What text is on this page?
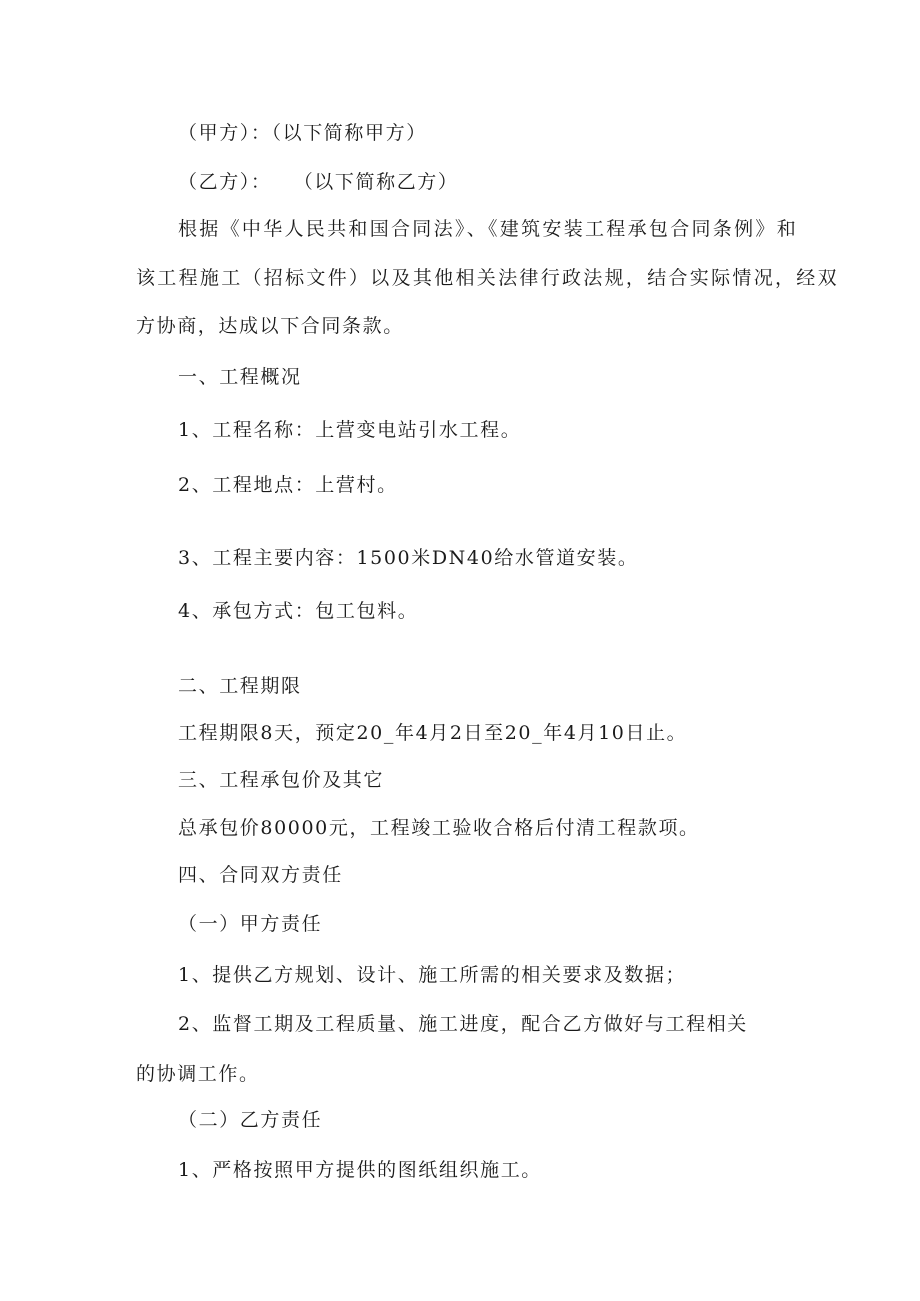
（甲方）：（以下简称甲方）
（乙方）：　　（以下简称乙方）
根据《中华人民共和国合同法》、《建筑安装工程承包合同条例》和
该工程施工（招标文件）以及其他相关法律行政法规，结合实际情况，经双
方协商，达成以下合同条款。
一、工程概况
1、工程名称：上营变电站引水工程。
2、工程地点：上营村。
3、工程主要内容：1500米DN40给水管道安装。
4、承包方式：包工包料。
二、工程期限
工程期限8天，预定20_年4月2日至20_年4月10日止。
三、工程承包价及其它
总承包价80000元，工程竣工验收合格后付清工程款项。
四、合同双方责任
（一）甲方责任
1、提供乙方规划、设计、施工所需的相关要求及数据；
2、监督工期及工程质量、施工进度，配合乙方做好与工程相关
的协调工作。
（二）乙方责任
1、严格按照甲方提供的图纸组织施工。
